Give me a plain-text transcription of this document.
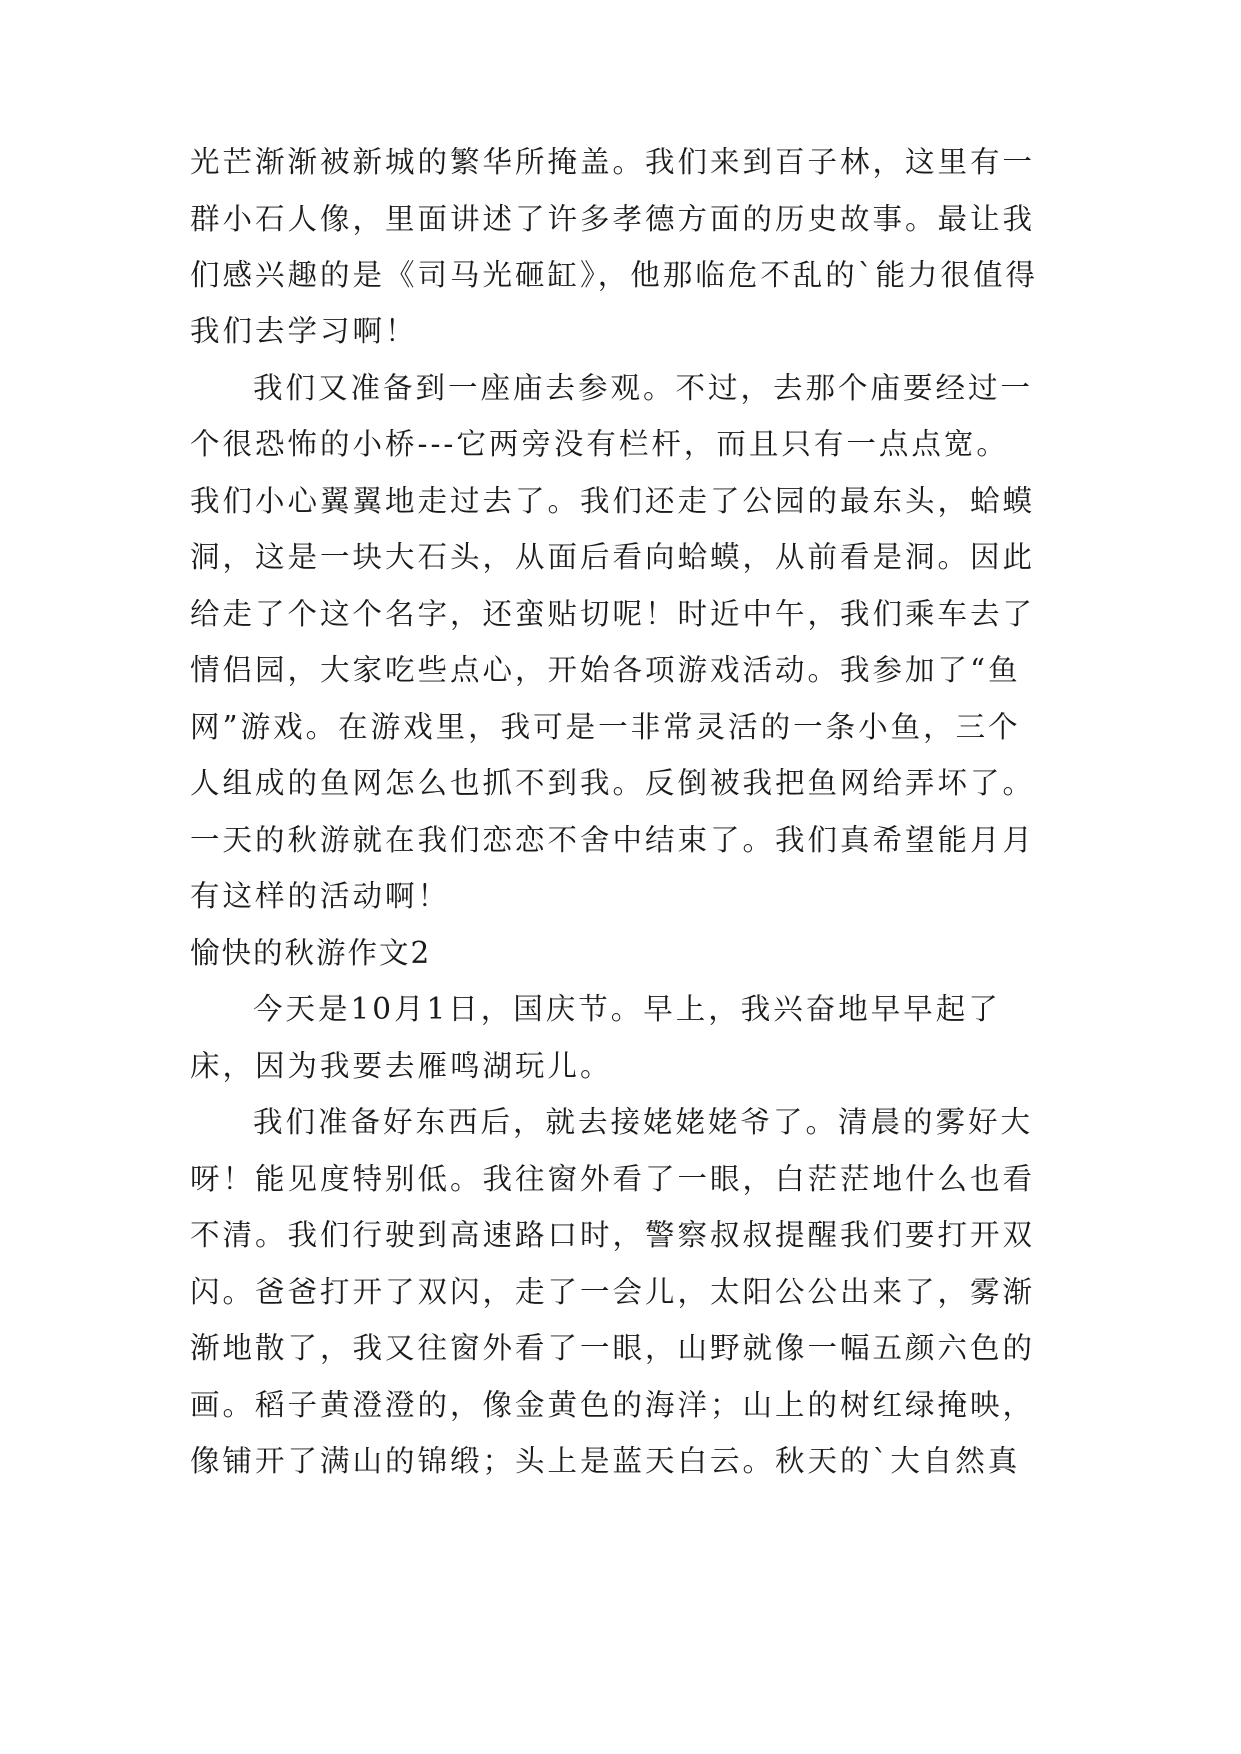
光芒渐渐被新城的繁华所掩盖。我们来到百子林，这里有一
群小石人像，里面讲述了许多孝德方面的历史故事。最让我
们感兴趣的是《司马光砸缸》，他那临危不乱的`能力很值得
我们去学习啊！
我们又准备到一座庙去参观。不过，去那个庙要经过一
个很恐怖的小桥---它两旁没有栏杆，而且只有一点点宽。
我们小心翼翼地走过去了。我们还走了公园的最东头，蛤蟆
洞，这是一块大石头，从面后看向蛤蟆，从前看是洞。因此
给走了个这个名字，还蛮贴切呢！时近中午，我们乘车去了
情侣园，大家吃些点心，开始各项游戏活动。我参加了“鱼
网”游戏。在游戏里，我可是一非常灵活的一条小鱼，三个
人组成的鱼网怎么也抓不到我。反倒被我把鱼网给弄坏了。
一天的秋游就在我们恋恋不舍中结束了。我们真希望能月月
有这样的活动啊！
愉快的秋游作文2
今天是10月1日，国庆节。早上，我兴奋地早早起了
床，因为我要去雁鸣湖玩儿。
我们准备好东西后，就去接姥姥姥爷了。清晨的雾好大
呀！能见度特别低。我往窗外看了一眼，白茫茫地什么也看
不清。我们行驶到高速路口时，警察叔叔提醒我们要打开双
闪。爸爸打开了双闪，走了一会儿，太阳公公出来了，雾渐
渐地散了，我又往窗外看了一眼，山野就像一幅五颜六色的
画。稻子黄澄澄的，像金黄色的海洋；山上的树红绿掩映，
像铺开了满山的锦缎；头上是蓝天白云。秋天的`大自然真
